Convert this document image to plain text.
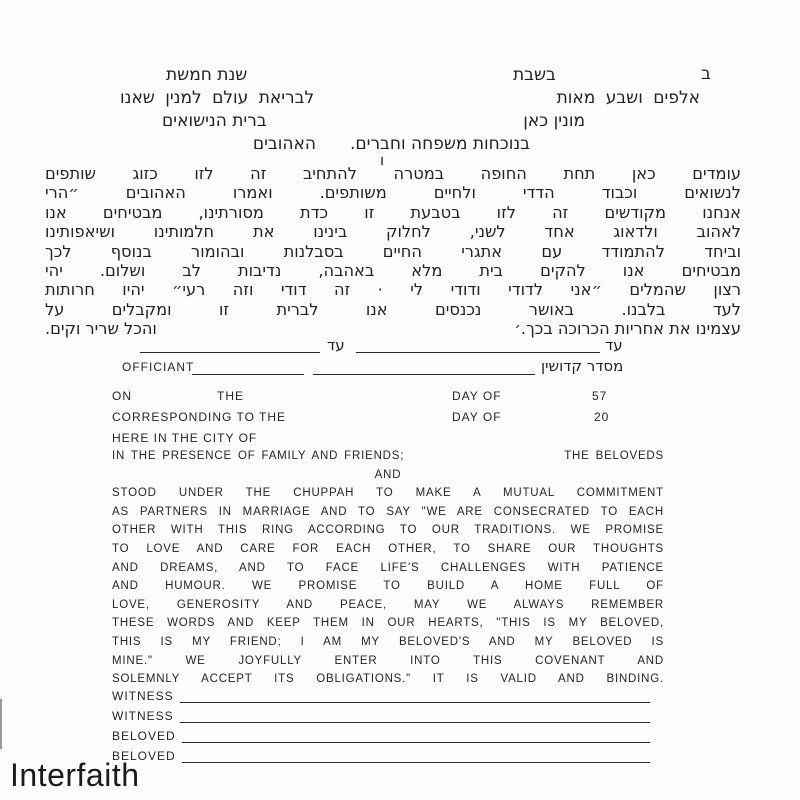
ב
בשבת
שנת חמשת
אלפים ושבע מאות
לבריאת עולם למנין שאנו
מונין כאן
ברית הנישואים
בנוכחות משפחה וחברים.האהובים
ו
עומדים כאן תחת החופה במטרה להתחיב זה לזו כזוג שותפים
לנשואים וכבוד הדדי ולחיים משותפים. ואמרו האהובים ״הרי
אנחנו מקודשים זה לזו בטבעת זו כדת מסורתינו, מבטיחים אנו
לאהוב ולדאוג אחד לשני, לחלוק בינינו את חלמותינו ושיאפותינו
וביחד להתמודד עם אתגרי החיים בסבלנות ובהומור בנוסף לכך
מבטיחים אנו להקים בית מלא באהבה, נדיבות לב ושלום. יהי
רצון שהמלים ״אני לדודי ודודי לי · זה דודי וזה רעי״ יהיו חרותות
לעד בלבנו. באושר נכנסים אנו לברית זו ומקבלים על
עצמינו את אחריות הכרוכה בכך.׳
והכל שריר וקים.
עד	עד
OFFICIANT	מסדר קדושין
ON	THE	DAY OF	57
CORRESPONDING TO THE	DAY OF	20
HERE IN THE CITY OF
IN THE PRESENCE OF FAMILY AND FRIENDS;	THE BELOVEDS
AND
STOOD UNDER THE CHUPPAH TO MAKE A MUTUAL COMMITMENT
AS PARTNERS IN MARRIAGE AND TO SAY "WE ARE CONSECRATED TO EACH
OTHER WITH THIS RING ACCORDING TO OUR TRADITIONS. WE PROMISE
TO LOVE AND CARE FOR EACH OTHER, TO SHARE OUR THOUGHTS
AND DREAMS, AND TO FACE LIFE'S CHALLENGES WITH PATIENCE
AND HUMOUR. WE PROMISE TO BUILD A HOME FULL OF
LOVE, GENEROSITY AND PEACE, MAY WE ALWAYS REMEMBER
THESE WORDS AND KEEP THEM IN OUR HEARTS, "THIS IS MY BELOVED,
THIS IS MY FRIEND; I AM MY BELOVED'S AND MY BELOVED IS
MINE." WE JOYFULLY ENTER INTO THIS COVENANT AND
SOLEMNLY ACCEPT ITS OBLIGATIONS." IT IS VALID AND BINDING.
WITNESS
WITNESS
BELOVED
BELOVED
Interfaith
